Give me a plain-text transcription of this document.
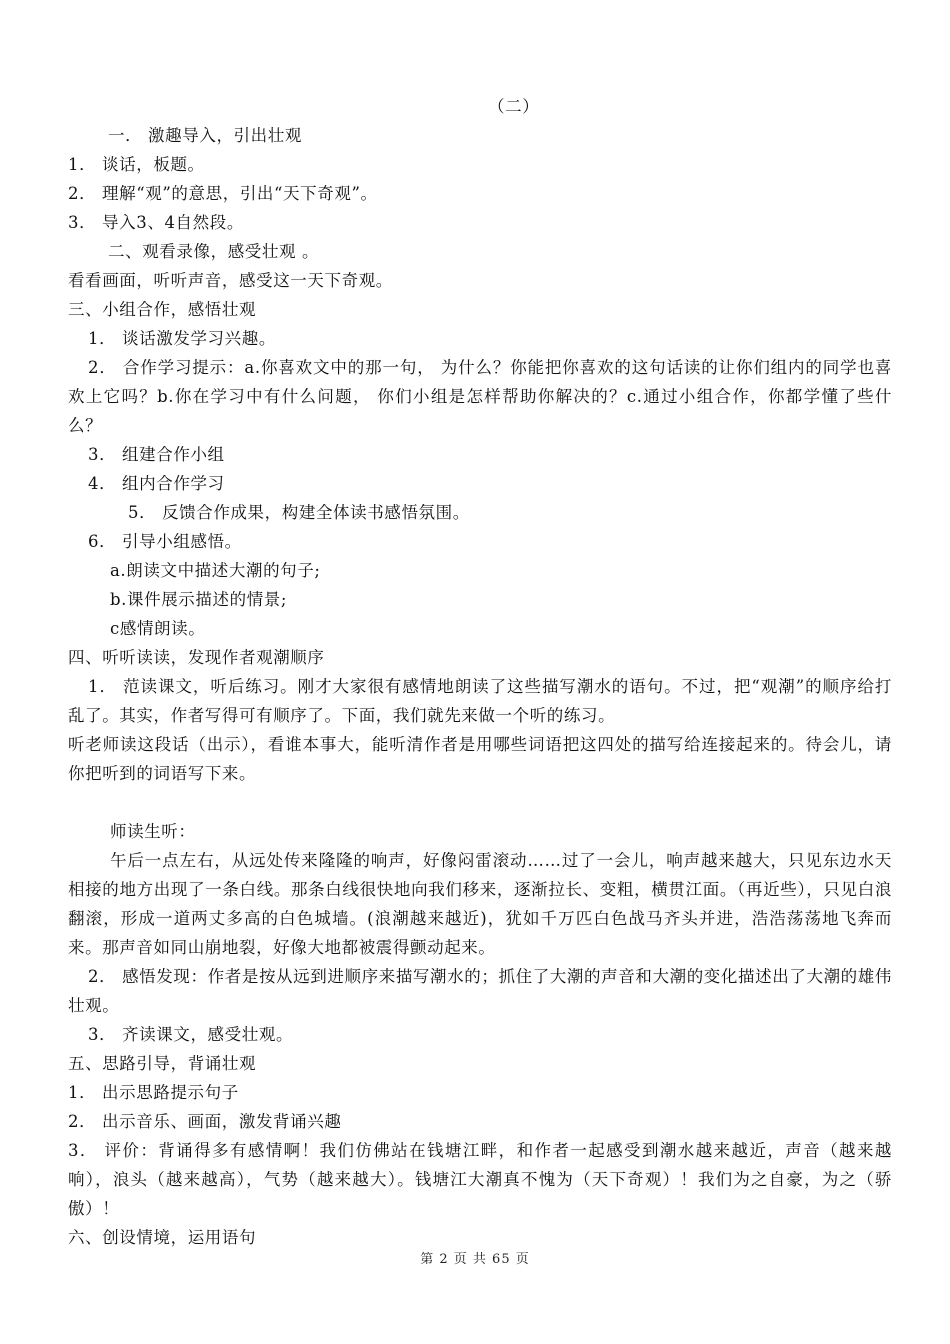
（二）
一． 激趣导入，引出壮观
1． 谈话，板题。
2． 理解“观”的意思，引出“天下奇观”。
3． 导入3、4自然段。
二、观看录像，感受壮观 。
看看画面，听听声音，感受这一天下奇观。
三、小组合作，感悟壮观
1． 谈话激发学习兴趣。
2． 合作学习提示：a.你喜欢文中的那一句， 为什么？你能把你喜欢的这句话读的让你们组内的同学也喜欢上它吗？b.你在学习中有什么问题， 你们小组是怎样帮助你解决的？c.通过小组合作，你都学懂了些什么？
3． 组建合作小组
4． 组内合作学习
5． 反馈合作成果，构建全体读书感悟氛围。
6． 引导小组感悟。
a.朗读文中描述大潮的句子;
b.课件展示描述的情景;
c感情朗读。
四、听听读读，发现作者观潮顺序
1． 范读课文，听后练习。刚才大家很有感情地朗读了这些描写潮水的语句。不过，把“观潮”的顺序给打乱了。其实，作者写得可有顺序了。下面，我们就先来做一个听的练习。
听老师读这段话（出示），看谁本事大，能听清作者是用哪些词语把这四处的描写给连接起来的。待会儿，请你把听到的词语写下来。
师读生听：
午后一点左右，从远处传来隆隆的响声，好像闷雷滚动……过了一会儿，响声越来越大，只见东边水天相接的地方出现了一条白线。那条白线很快地向我们移来，逐渐拉长、变粗，横贯江面。（再近些），只见白浪翻滚，形成一道两丈多高的白色城墙。(浪潮越来越近)，犹如千万匹白色战马齐头并进，浩浩荡荡地飞奔而来。那声音如同山崩地裂，好像大地都被震得颤动起来。
2． 感悟发现：作者是按从远到进顺序来描写潮水的；抓住了大潮的声音和大潮的变化描述出了大潮的雄伟壮观。
3． 齐读课文，感受壮观。
五、思路引导，背诵壮观
1． 出示思路提示句子
2． 出示音乐、画面，激发背诵兴趣
3． 评价：背诵得多有感情啊！我们仿佛站在钱塘江畔，和作者一起感受到潮水越来越近，声音（越来越响），浪头（越来越高），气势（越来越大）。钱塘江大潮真不愧为（天下奇观）！我们为之自豪，为之（骄傲）！
六、创设情境，运用语句
第 2 页 共 65 页
